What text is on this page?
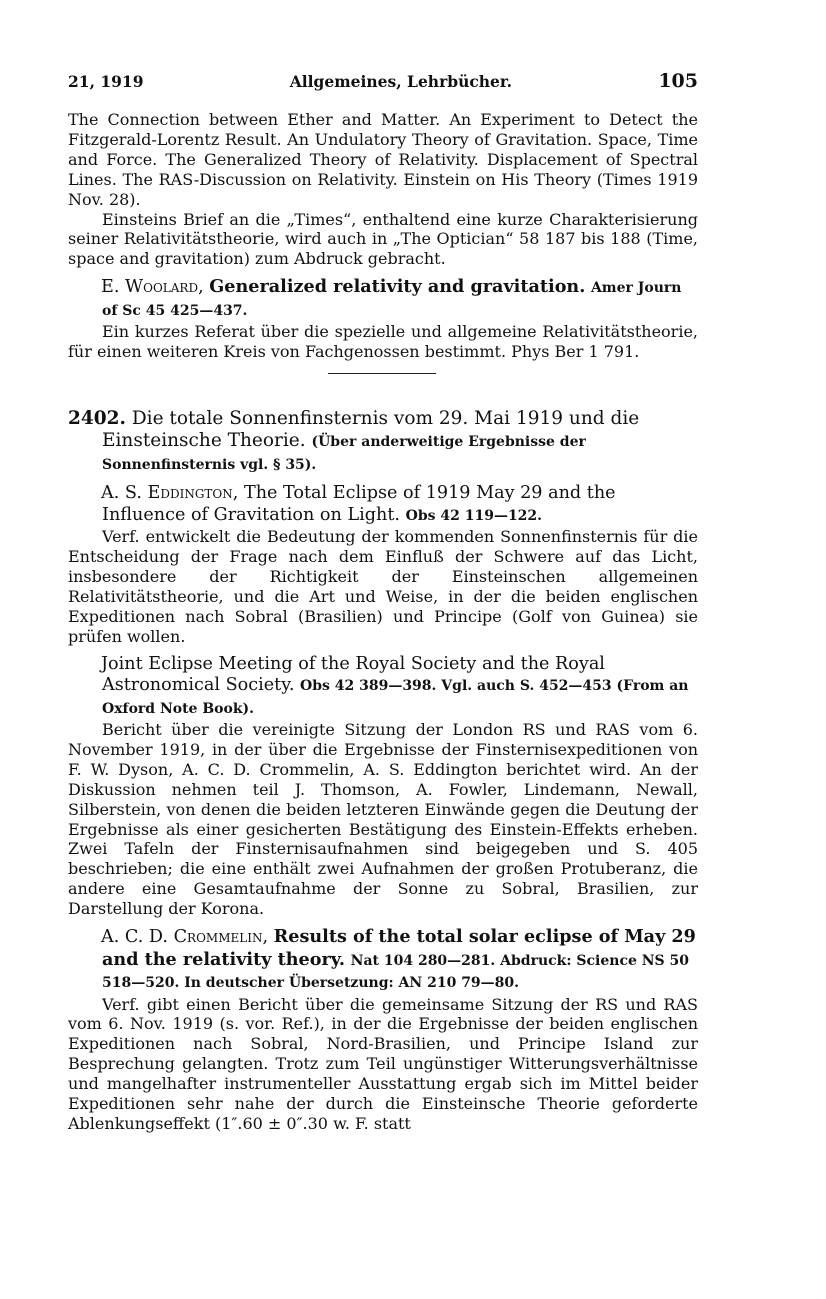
21, 1919	Allgemeines, Lehrbücher.	105

The Connection between Ether and Matter. An Experiment to Detect the Fitzgerald-Lorentz Result. An Undulatory Theory of Gravitation. Space, Time and Force. The Generalized Theory of Relativity. Displacement of Spectral Lines. The RAS-Discussion on Relativity. Einstein on His Theory (Times 1919 Nov. 28).

Einsteins Brief an die „Times“, enthaltend eine kurze Charakterisierung seiner Relativitätstheorie, wird auch in „The Optician“ 58 187 bis 188 (Time, space and gravitation) zum Abdruck gebracht.

E. Woolard, Generalized relativity and gravitation. Amer Journ of Sc 45 425—437.

Ein kurzes Referat über die spezielle und allgemeine Relativitätstheorie, für einen weiteren Kreis von Fachgenossen bestimmt. Phys Ber 1 791.

2402. Die totale Sonnenfinsternis vom 29. Mai 1919 und die Einsteinsche Theorie. (Über anderweitige Ergebnisse der Sonnenfinsternis vgl. § 35).
A. S. Eddington, The Total Eclipse of 1919 May 29 and the Influence of Gravitation on Light. Obs 42 119—122.

Verf. entwickelt die Bedeutung der kommenden Sonnenfinsternis für die Entscheidung der Frage nach dem Einfluß der Schwere auf das Licht, insbesondere der Richtigkeit der Einsteinschen allgemeinen Relativitätstheorie, und die Art und Weise, in der die beiden englischen Expeditionen nach Sobral (Brasilien) und Principe (Golf von Guinea) sie prüfen wollen.

Joint Eclipse Meeting of the Royal Society and the Royal Astronomical Society. Obs 42 389—398. Vgl. auch S. 452—453 (From an Oxford Note Book).

Bericht über die vereinigte Sitzung der London RS und RAS vom 6. November 1919, in der über die Ergebnisse der Finsternisexpeditionen von F. W. Dyson, A. C. D. Crommelin, A. S. Eddington berichtet wird. An der Diskussion nehmen teil J. Thomson, A. Fowler, Lindemann, Newall, Silberstein, von denen die beiden letzteren Einwände gegen die Deutung der Ergebnisse als einer gesicherten Bestätigung des Einstein-Effekts erheben. Zwei Tafeln der Finsternisaufnahmen sind beigegeben und S. 405 beschrieben; die eine enthält zwei Aufnahmen der großen Protuberanz, die andere eine Gesamtaufnahme der Sonne zu Sobral, Brasilien, zur Darstellung der Korona.

A. C. D. Crommelin, Results of the total solar eclipse of May 29 and the relativity theory. Nat 104 280—281. Abdruck: Science NS 50 518—520. In deutscher Übersetzung: AN 210 79—80.

Verf. gibt einen Bericht über die gemeinsame Sitzung der RS und RAS vom 6. Nov. 1919 (s. vor. Ref.), in der die Ergebnisse der beiden englischen Expeditionen nach Sobral, Nord-Brasilien, und Principe Island zur Besprechung gelangten. Trotz zum Teil ungünstiger Witterungsverhältnisse und mangelhafter instrumenteller Ausstattung ergab sich im Mittel beider Expeditionen sehr nahe der durch die Einsteinsche Theorie geforderte Ablenkungseffekt (1″.60 ± 0″.30 w. F. statt
